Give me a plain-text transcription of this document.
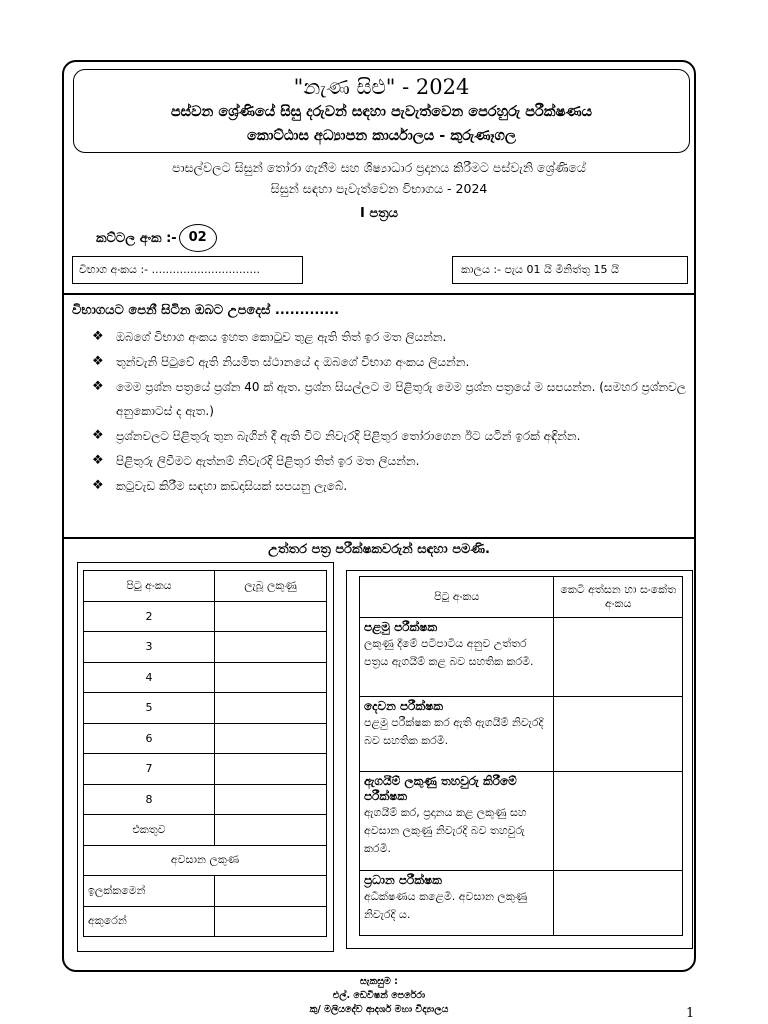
"නැණ සිළු" - 2024
පස්වන ශ්‍රේණියේ සිසු දරුවන් සඳහා පැවැත්වෙන පෙරහුරු පරීක්ෂණය
කොට්ඨාස අධ්‍යාපන කාර්යාලය - කුරුණෑගල
පාසල්වලට සිසුන් තෝරා ගැනීම සහ ශිෂ්‍යාධාර ප්‍රදානය කිරීමට පස්වැනි ශ්‍රේණියේ
සිසුන් සඳහා පැවැත්වෙන විභාගය - 2024
I පත්‍රය
කට්ටල අංක :- 02
විභාග අංකය :- ...............................	කාලය :- පැය 01 යි මිනිත්තු 15 යි
විභාගයට පෙනී සිටින ඔබට උපදෙස් .............
❖	ඔබගේ විභාග අංකය ඉහත කොටුව තුළ ඇති තිත් ඉර මත ලියන්න.
❖	තුන්වැනි පිටුවේ ඇති නියමිත ස්ථානයේ ද ඔබගේ විභාග අංකය ලියන්න.
❖	මෙම ප්‍රශ්න පත්‍රයේ ප්‍රශ්න 40 ක් ඇත. ප්‍රශ්න සියල්ලට ම පිළිතුරු මෙම ප්‍රශ්න පත්‍රයේ ම සපයන්න. (සමහර ප්‍රශ්නවල අනුකොටස් ද ඇත.)
❖	ප්‍රශ්නවලට පිළිතුරු තුන බැගින් දී ඇති විට නිවැරදි පිළිතුර තෝරාගෙන ඊට යටින් ඉරක් අඳින්න.
❖	පිළිතුරු ලිවීමට ඇත්නම් නිවැරදි පිළිතුර තිත් ඉර මත ලියන්න.
❖	කටුවැඩ කිරීම සඳහා කඩදාසියක් සපයනු ලැබේ.
උත්තර පත්‍ර පරීක්ෂකවරුන් සඳහා පමණි.
පිටු අංකය	ලැබූ ලකුණු
2	
3	
4	
5	
6	
7	
8	
එකතුව	
අවසාන ලකුණ	
ඉලක්කමෙන්	
අකුරෙන්	
පිටු අංකය	කෙටි අත්සන හා සංකේත අංකය

පළමු පරීක්ෂක
ලකුණු දීමේ පටිපාටිය අනුව උත්තර පත්‍රය ඇගයීම් කළ බව සහතික කරමි.	

දෙවන පරීක්ෂක
පළමු පරීක්ෂක කර ඇති ඇගයීම් නිවැරදි බව සහතික කරමි.	

ඇගයීම් ලකුණු තහවුරු කිරීමේ පරීක්ෂක
ඇගයීම් කර, ප්‍රදානය කළ ලකුණු සහ අවසාන ලකුණු නිවැරදි බව තහවුරු කරමි.	

ප්‍රධාන පරීක්ෂක
අධීක්ෂණය කළෙමි. අවසාන ලකුණු නිවැරදි ය.	

සැකසුම :
එල්. ඩෙවිෂන් පෙරේරා
කු/ මලියදේව ආදර්ශ මහා විද්‍යාලය	1
